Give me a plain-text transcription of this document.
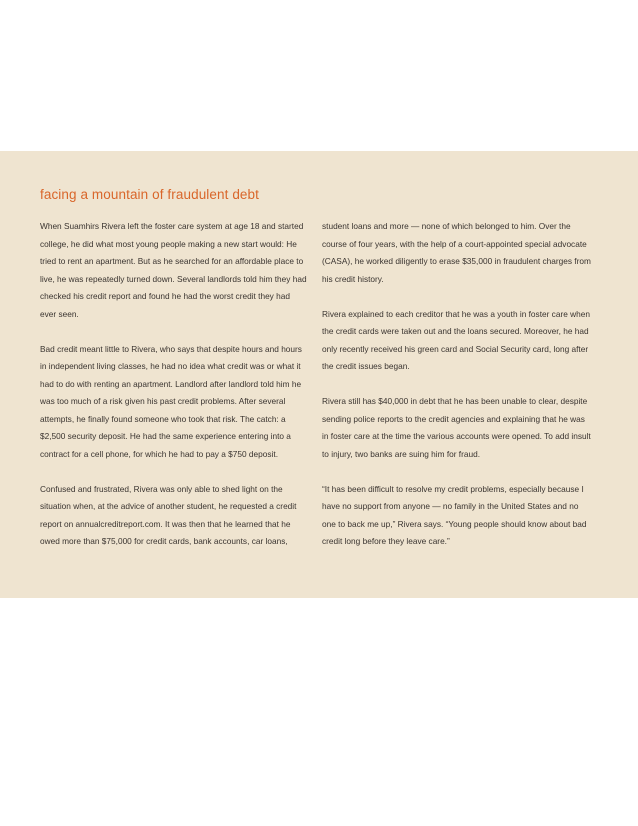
facing a mountain of fraudulent debt

When Suamhirs Rivera left the foster care system at age 18 and started college, he did what most young people making a new start would: He tried to rent an apartment. But as he searched for an affordable place to live, he was repeatedly turned down. Several landlords told him they had checked his credit report and found he had the worst credit they had ever seen.

Bad credit meant little to Rivera, who says that despite hours and hours in independent living classes, he had no idea what credit was or what it had to do with renting an apartment. Landlord after landlord told him he was too much of a risk given his past credit problems. After several attempts, he finally found someone who took that risk. The catch: a $2,500 security deposit. He had the same experience entering into a contract for a cell phone, for which he had to pay a $750 deposit.

Confused and frustrated, Rivera was only able to shed light on the situation when, at the advice of another student, he requested a credit report on annualcreditreport.com. It was then that he learned that he owed more than $75,000 for credit cards, bank accounts, car loans,

student loans and more — none of which belonged to him. Over the course of four years, with the help of a court-appointed special advocate (CASA), he worked diligently to erase $35,000 in fraudulent charges from his credit history.

Rivera explained to each creditor that he was a youth in foster care when the credit cards were taken out and the loans secured. Moreover, he had only recently received his green card and Social Security card, long after the credit issues began.

Rivera still has $40,000 in debt that he has been unable to clear, despite sending police reports to the credit agencies and explaining that he was in foster care at the time the various accounts were opened. To add insult to injury, two banks are suing him for fraud.

“It has been difficult to resolve my credit problems, especially because I have no support from anyone — no family in the United States and no one to back me up,” Rivera says. “Young people should know about bad credit long before they leave care.”
